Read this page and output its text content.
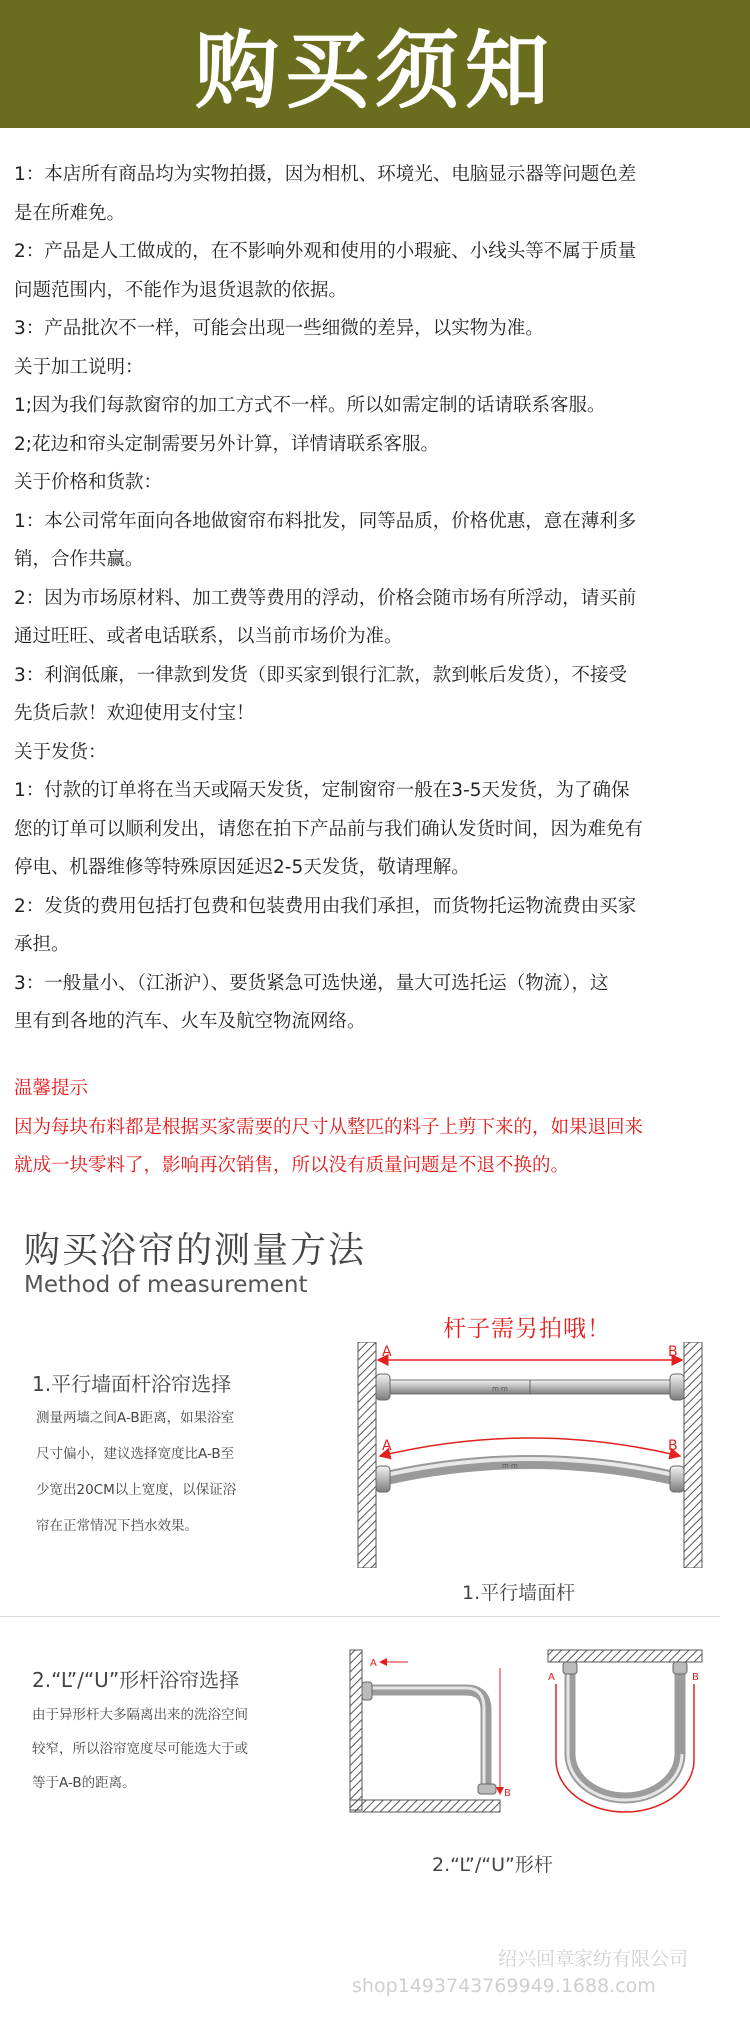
购买须知

1：本店所有商品均为实物拍摄，因为相机、环境光、电脑显示器等问题色差

是在所难免。

2：产品是人工做成的，在不影响外观和使用的小瑕疵、小线头等不属于质量

问题范围内，不能作为退货退款的依据。

3：产品批次不一样，可能会出现一些细微的差异，以实物为准。

关于加工说明：

1;因为我们每款窗帘的加工方式不一样。所以如需定制的话请联系客服。

2;花边和帘头定制需要另外计算，详情请联系客服。

关于价格和货款：

1：本公司常年面向各地做窗帘布料批发，同等品质，价格优惠，意在薄利多

销，合作共赢。

2：因为市场原材料、加工费等费用的浮动，价格会随市场有所浮动，请买前

通过旺旺、或者电话联系，以当前市场价为准。

3：利润低廉，一律款到发货（即买家到银行汇款，款到帐后发货），不接受

先货后款！欢迎使用支付宝！

关于发货：

1：付款的订单将在当天或隔天发货，定制窗帘一般在3-5天发货，为了确保

您的订单可以顺利发出，请您在拍下产品前与我们确认发货时间，因为难免有

停电、机器维修等特殊原因延迟2-5天发货，敬请理解。

2：发货的费用包括打包费和包装费用由我们承担，而货物托运物流费由买家

承担。

3：一般量小、（江浙沪）、要货紧急可选快递，量大可选托运（物流），这

里有到各地的汽车、火车及航空物流网络。

温馨提示

因为每块布料都是根据买家需要的尺寸从整匹的料子上剪下来的，如果退回来

就成一块零料了，影响再次销售，所以没有质量问题是不退不换的。

购买浴帘的测量方法
Method of measurement
杆子需另拍哦！
1.平行墙面杆浴帘选择

测量两墙之间A-B距离，如果浴室

尺寸偏小，建议选择宽度比A-B至

少宽出20CM以上宽度，以保证浴

帘在正常情况下挡水效果。

A	B
m·m
A	B
m·m
1.平行墙面杆
2.“L”/“U”形杆浴帘选择

由于异形杆大多隔离出来的洗浴空间

较窄，所以浴帘宽度尽可能选大于或

等于A-B的距离。

A
B
A	B
2.“L”/“U”形杆
绍兴回章家纺有限公司
shop1493743769949.1688.com
